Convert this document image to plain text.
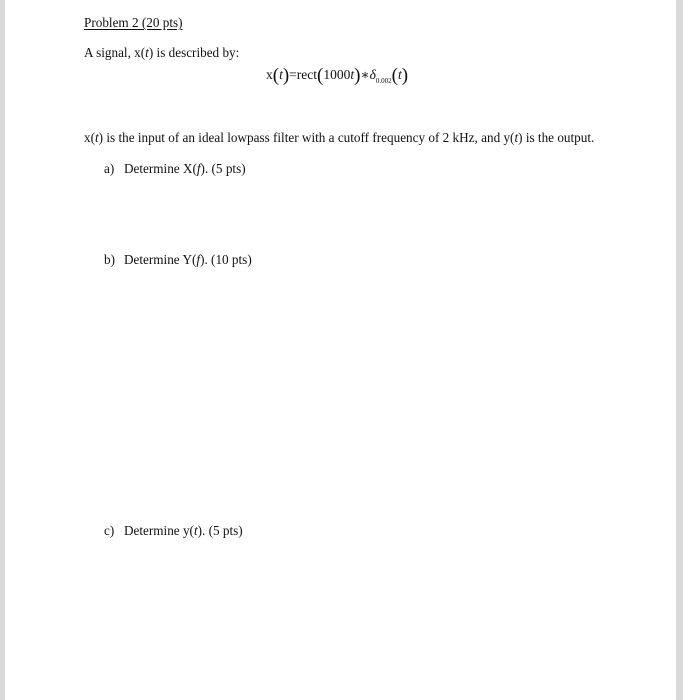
Problem 2 (20 pts)
A signal, x(t) is described by:
$x(t)=rect(1000t)∗\delta_{0.002}(t)$
x(t) is the input of an ideal lowpass filter with a cutoff frequency of 2 kHz, and y(t) is the output.
a) Determine X(f). (5 pts)
b) Determine Y(f). (10 pts)
c) Determine y(t). (5 pts)
